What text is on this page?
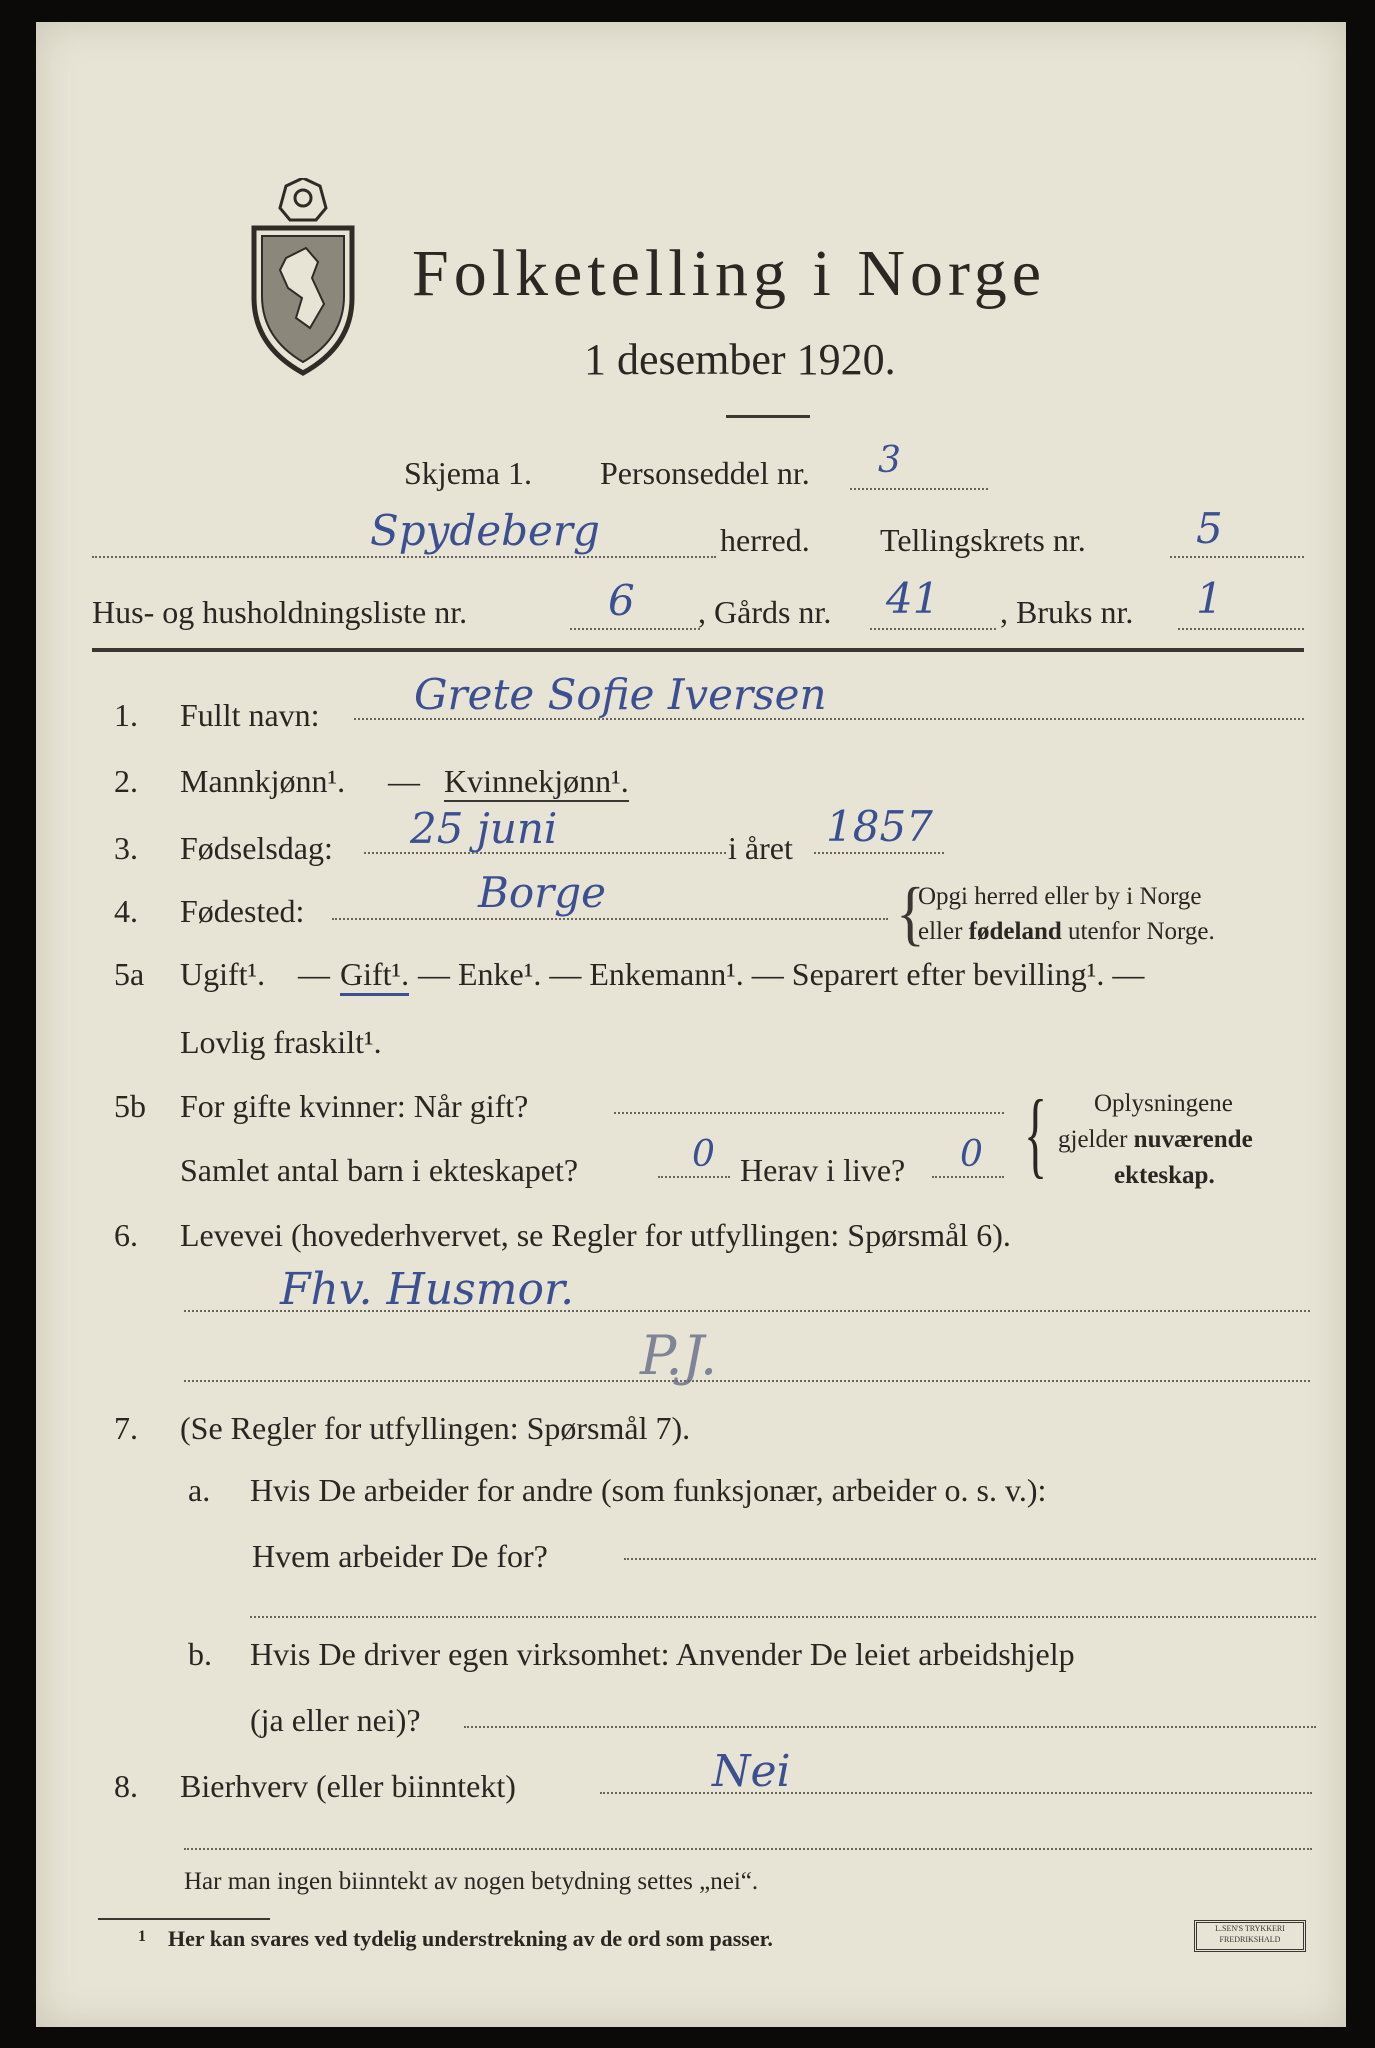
Folketelling i Norge
1 desember 1920.
Skjema 1. Personseddel nr. 3
Spydeberg	herred. Tellingskrets nr.	5
Hus- og husholdningsliste nr.	6 , Gårds nr. 41 , Bruks nr. 1
1. Fullt navn: Grete Sofie Iversen
2. Mannkjønn¹. — Kvinnekjønn¹.
3. Fødselsdag: 25 juni	i året 1857
4. Fødested:	Borge	{
Opgi herred eller by i Norge
eller fødeland utenfor Norge.
5a Ugift¹. — Gift¹. — Enke¹. — Enkemann¹. — Separert efter bevilling¹. —
Lovlig fraskilt¹.
5b For gifte kvinner: Når gift?
Samlet antal barn i ekteskapet?	0 Herav i live? 0 { Oplysningene
gjelder nuværende
ekteskap.
6. Levevei (hovederhvervet, se Regler for utfyllingen: Spørsmål 6).
Fhv. Husmor.
P.J.
7. (Se Regler for utfyllingen: Spørsmål 7).
a. Hvis De arbeider for andre (som funksjonær, arbeider o. s. v.):
Hvem arbeider De for?
b. Hvis De driver egen virksomhet: Anvender De leiet arbeidshjelp
(ja eller nei)?
8. Bierhverv (eller biinntekt)	Nei
Har man ingen biinntekt av nogen betydning settes „nei“.
1 Her kan svares ved tydelig understrekning av de ord som passer.	L.SEN'S TRYKKERI
FREDRIKSHALD
